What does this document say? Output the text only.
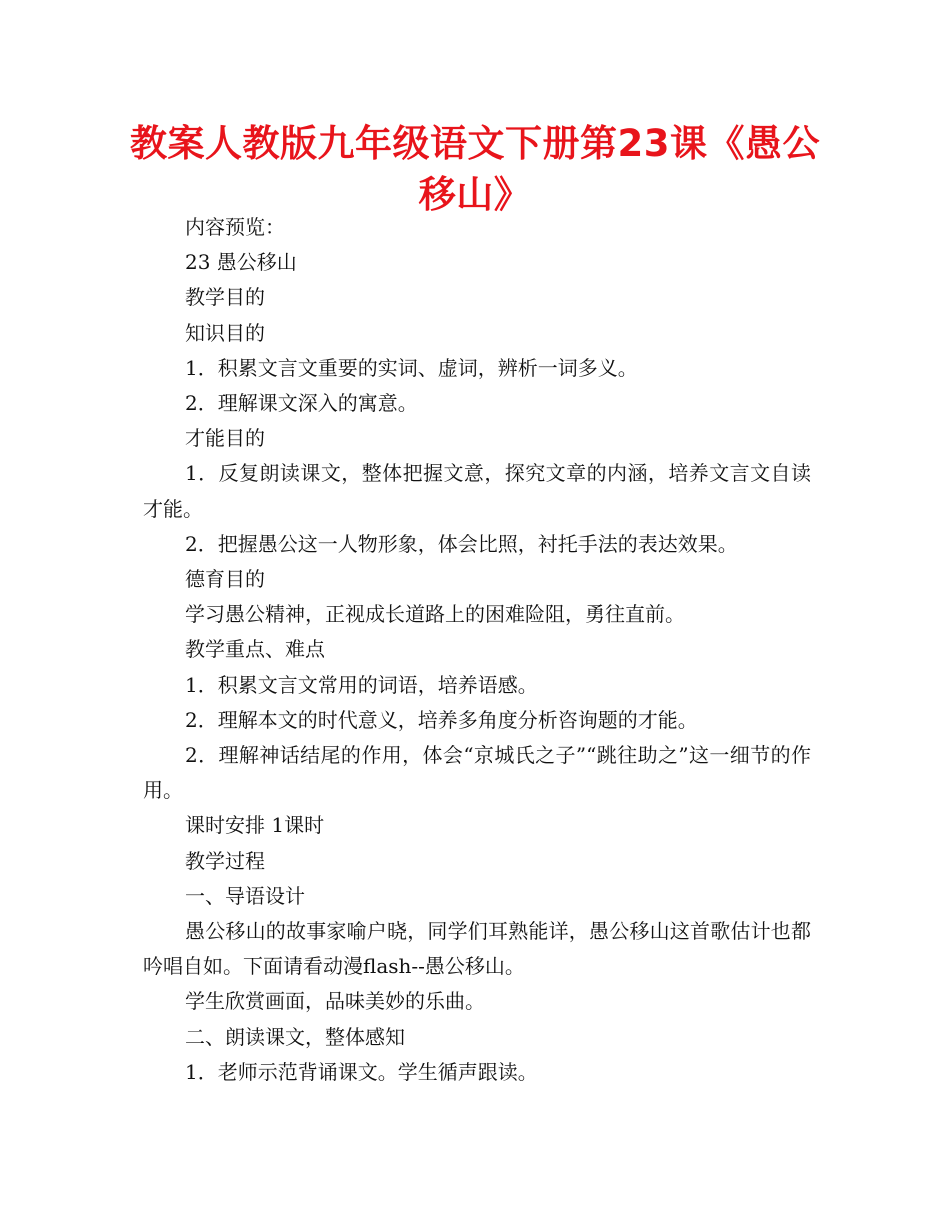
教案人教版九年级语文下册第23课《愚公移山》

内容预览：

23 愚公移山

教学目的

知识目的

1．积累文言文重要的实词、虚词，辨析一词多义。

2．理解课文深入的寓意。

才能目的

1．反复朗读课文，整体把握文意，探究文章的内涵，培养文言文自读才能。

2．把握愚公这一人物形象，体会比照，衬托手法的表达效果。

德育目的

学习愚公精神，正视成长道路上的困难险阻，勇往直前。

教学重点、难点

1．积累文言文常用的词语，培养语感。

2．理解本文的时代意义，培养多角度分析咨询题的才能。

2．理解神话结尾的作用，体会“京城氏之子”“跳往助之”这一细节的作用。

课时安排 1课时

教学过程

一、导语设计

愚公移山的故事家喻户晓，同学们耳熟能详，愚公移山这首歌估计也都吟唱自如。下面请看动漫flash--愚公移山。

学生欣赏画面，品味美妙的乐曲。

二、朗读课文，整体感知

1．老师示范背诵课文。学生循声跟读。
